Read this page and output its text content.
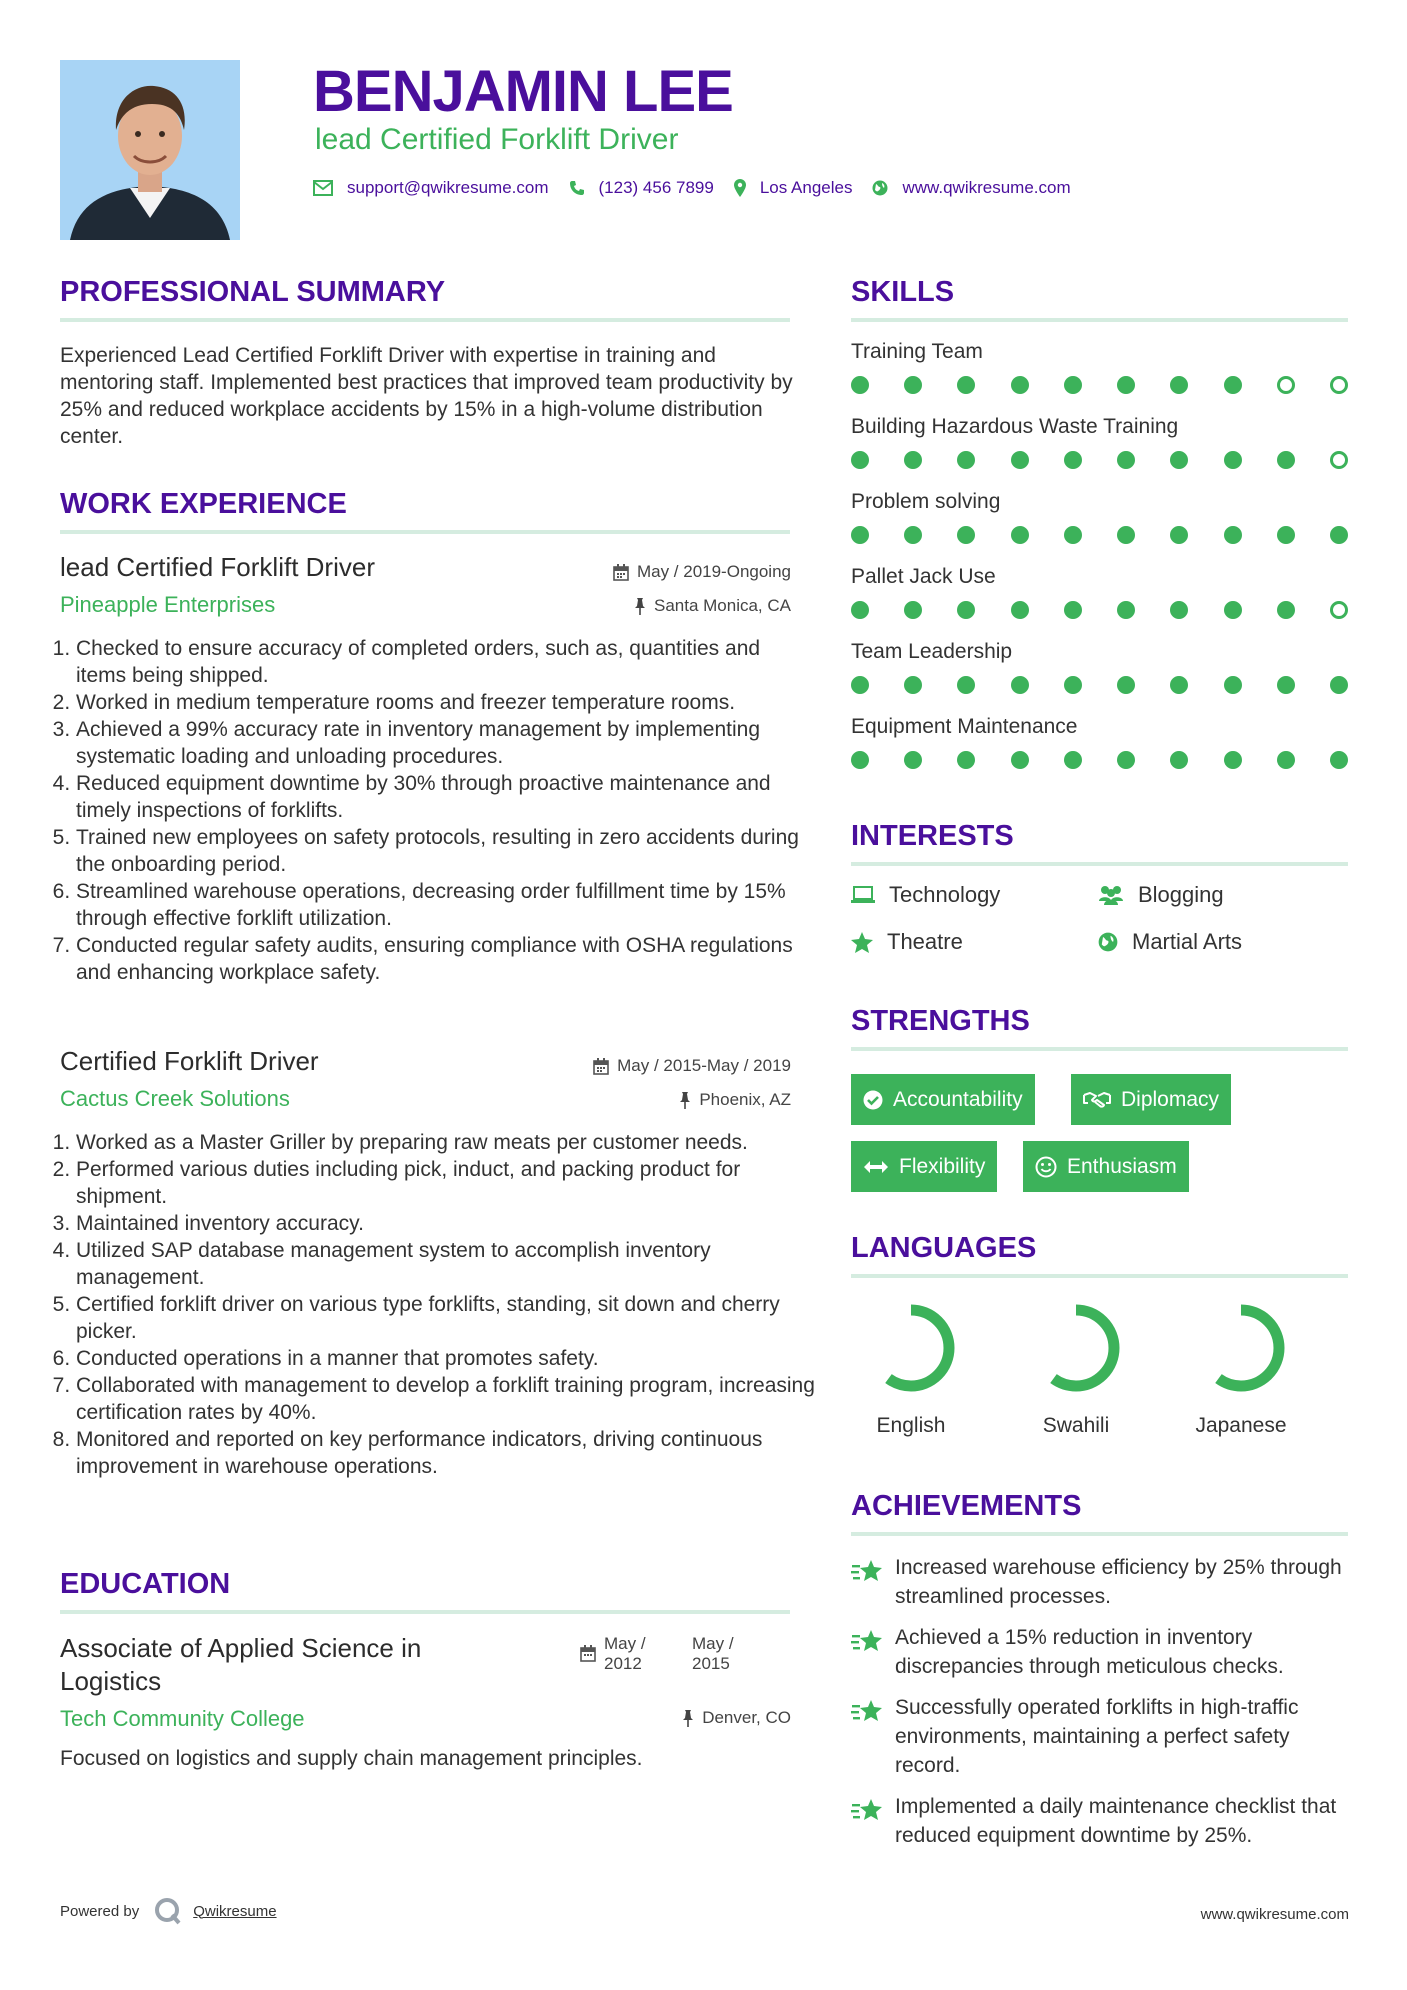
BENJAMIN LEE
lead Certified Forklift Driver
support@qwikresume.com	(123) 456 7899	Los Angeles	www.qwikresume.com
PROFESSIONAL SUMMARY
Experienced Lead Certified Forklift Driver with expertise in training and mentoring staff. Implemented best practices that improved team productivity by 25% and reduced workplace accidents by 15% in a high-volume distribution center.
WORK EXPERIENCE
lead Certified Forklift Driver
Pineapple Enterprises
May / 2019-Ongoing
Santa Monica, CA
1. Checked to ensure accuracy of completed orders, such as, quantities and items being shipped.
2. Worked in medium temperature rooms and freezer temperature rooms.
3. Achieved a 99% accuracy rate in inventory management by implementing systematic loading and unloading procedures.
4. Reduced equipment downtime by 30% through proactive maintenance and timely inspections of forklifts.
5. Trained new employees on safety protocols, resulting in zero accidents during the onboarding period.
6. Streamlined warehouse operations, decreasing order fulfillment time by 15% through effective forklift utilization.
7. Conducted regular safety audits, ensuring compliance with OSHA regulations and enhancing workplace safety.
Certified Forklift Driver
Cactus Creek Solutions
May / 2015-May / 2019
Phoenix, AZ
1. Worked as a Master Griller by preparing raw meats per customer needs.
2. Performed various duties including pick, induct, and packing product for shipment.
3. Maintained inventory accuracy.
4. Utilized SAP database management system to accomplish inventory management.
5. Certified forklift driver on various type forklifts, standing, sit down and cherry picker.
6. Conducted operations in a manner that promotes safety.
7. Collaborated with management to develop a forklift training program, increasing certification rates by 40%.
8. Monitored and reported on key performance indicators, driving continuous improvement in warehouse operations.
EDUCATION
Associate of Applied Science in Logistics
Tech Community College
May /
2012
May /
2015
Denver, CO
Focused on logistics and supply chain management principles.
SKILLS
Training Team
Building Hazardous Waste Training
Problem solving
Pallet Jack Use
Team Leadership
Equipment Maintenance
INTERESTS
Technology	Blogging
Theatre	Martial Arts
STRENGTHS
Accountability	Diplomacy
Flexibility	Enthusiasm
LANGUAGES
English	Swahili	Japanese
ACHIEVEMENTS
Increased warehouse efficiency by 25% through streamlined processes.
Achieved a 15% reduction in inventory discrepancies through meticulous checks.
Successfully operated forklifts in high-traffic environments, maintaining a perfect safety record.
Implemented a daily maintenance checklist that reduced equipment downtime by 25%.
Powered by	Qwikresume	www.qwikresume.com
